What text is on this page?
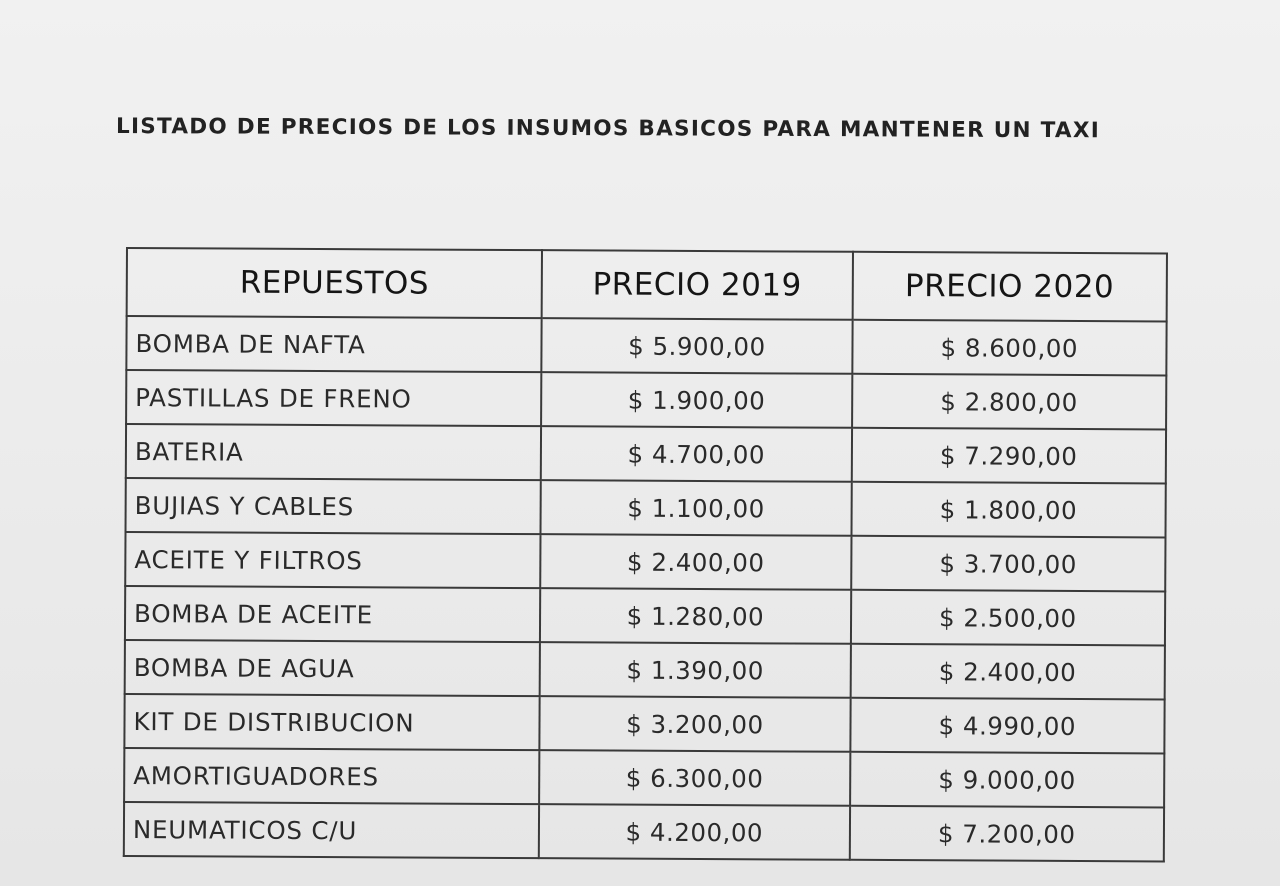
LISTADO DE PRECIOS DE LOS INSUMOS BASICOS PARA MANTENER UN TAXI
REPUESTOS	PRECIO 2019	PRECIO 2020
BOMBA DE NAFTA	$ 5.900,00	$ 8.600,00
PASTILLAS DE FRENO	$ 1.900,00	$ 2.800,00
BATERIA	$ 4.700,00	$ 7.290,00
BUJIAS Y CABLES	$ 1.100,00	$ 1.800,00
ACEITE Y FILTROS	$ 2.400,00	$ 3.700,00
BOMBA DE ACEITE	$ 1.280,00	$ 2.500,00
BOMBA DE AGUA	$ 1.390,00	$ 2.400,00
KIT DE DISTRIBUCION	$ 3.200,00	$ 4.990,00
AMORTIGUADORES	$ 6.300,00	$ 9.000,00
NEUMATICOS C/U	$ 4.200,00	$ 7.200,00
